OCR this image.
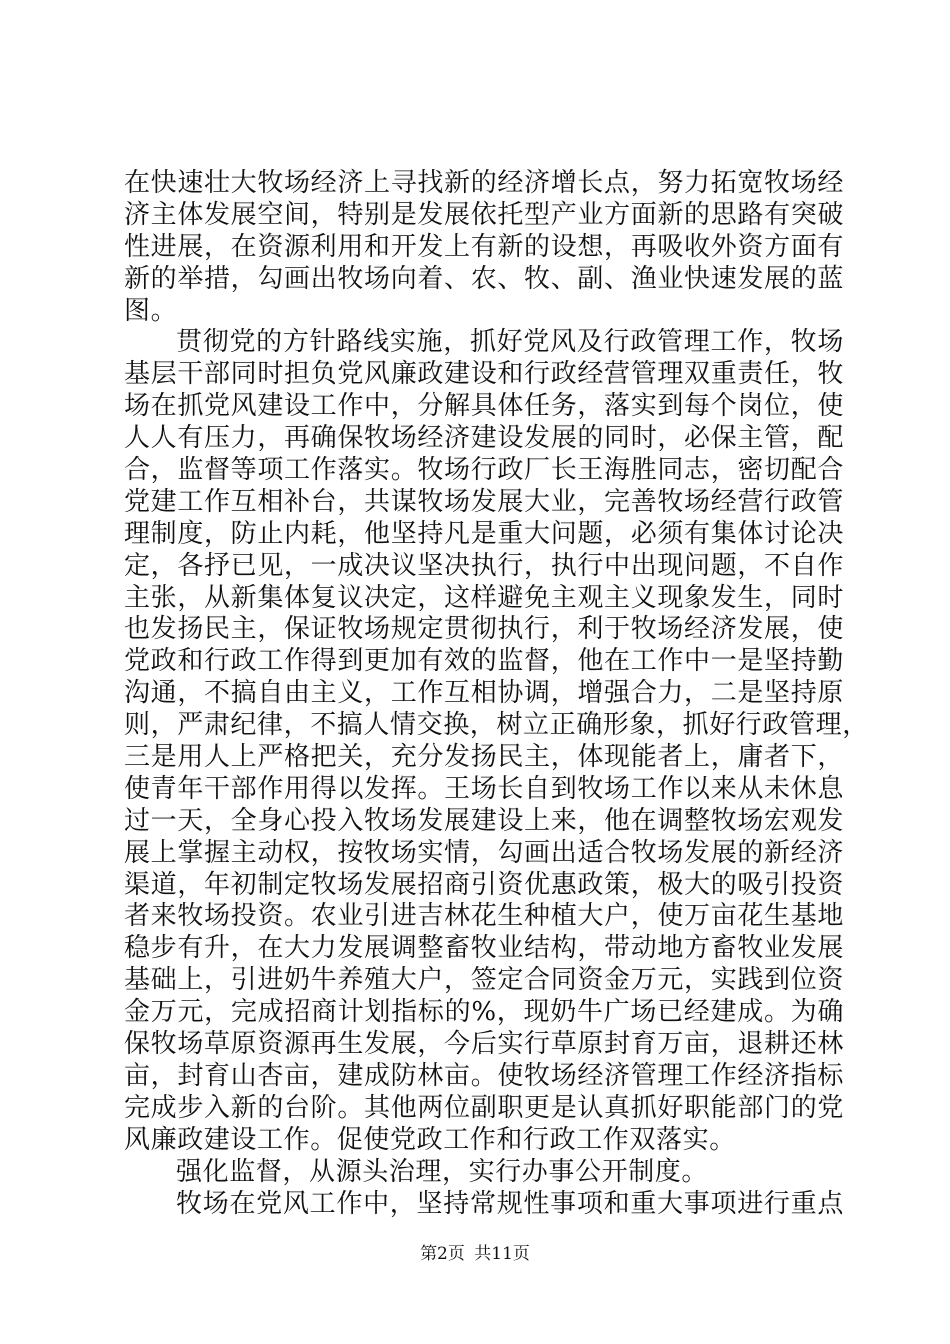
在快速壮大牧场经济上寻找新的经济增长点，努力拓宽牧场经
济主体发展空间，特别是发展依托型产业方面新的思路有突破
性进展，在资源利用和开发上有新的设想，再吸收外资方面有
新的举措，勾画出牧场向着、农、牧、副、渔业快速发展的蓝
图。
贯彻党的方针路线实施，抓好党风及行政管理工作，牧场
基层干部同时担负党风廉政建设和行政经营管理双重责任，牧
场在抓党风建设工作中，分解具体任务，落实到每个岗位，使
人人有压力，再确保牧场经济建设发展的同时，必保主管，配
合，监督等项工作落实。牧场行政厂长王海胜同志，密切配合
党建工作互相补台，共谋牧场发展大业，完善牧场经营行政管
理制度，防止内耗，他坚持凡是重大问题，必须有集体讨论决
定，各抒已见，一成决议坚决执行，执行中出现问题，不自作
主张，从新集体复议决定，这样避免主观主义现象发生，同时
也发扬民主，保证牧场规定贯彻执行，利于牧场经济发展，使
党政和行政工作得到更加有效的监督，他在工作中一是坚持勤
沟通，不搞自由主义，工作互相协调，增强合力，二是坚持原
则，严肃纪律，不搞人情交换，树立正确形象，抓好行政管理，
三是用人上严格把关，充分发扬民主，体现能者上，庸者下，
使青年干部作用得以发挥。王场长自到牧场工作以来从未休息
过一天，全身心投入牧场发展建设上来，他在调整牧场宏观发
展上掌握主动权，按牧场实情，勾画出适合牧场发展的新经济
渠道，年初制定牧场发展招商引资优惠政策，极大的吸引投资
者来牧场投资。农业引进吉林花生种植大户，使万亩花生基地
稳步有升，在大力发展调整畜牧业结构，带动地方畜牧业发展
基础上，引进奶牛养殖大户，签定合同资金万元，实践到位资
金万元，完成招商计划指标的%，现奶牛广场已经建成。为确
保牧场草原资源再生发展，今后实行草原封育万亩，退耕还林
亩，封育山杏亩，建成防林亩。使牧场经济管理工作经济指标
完成步入新的台阶。其他两位副职更是认真抓好职能部门的党
风廉政建设工作。促使党政工作和行政工作双落实。
强化监督，从源头治理，实行办事公开制度。
牧场在党风工作中，坚持常规性事项和重大事项进行重点
第2页 共11页
